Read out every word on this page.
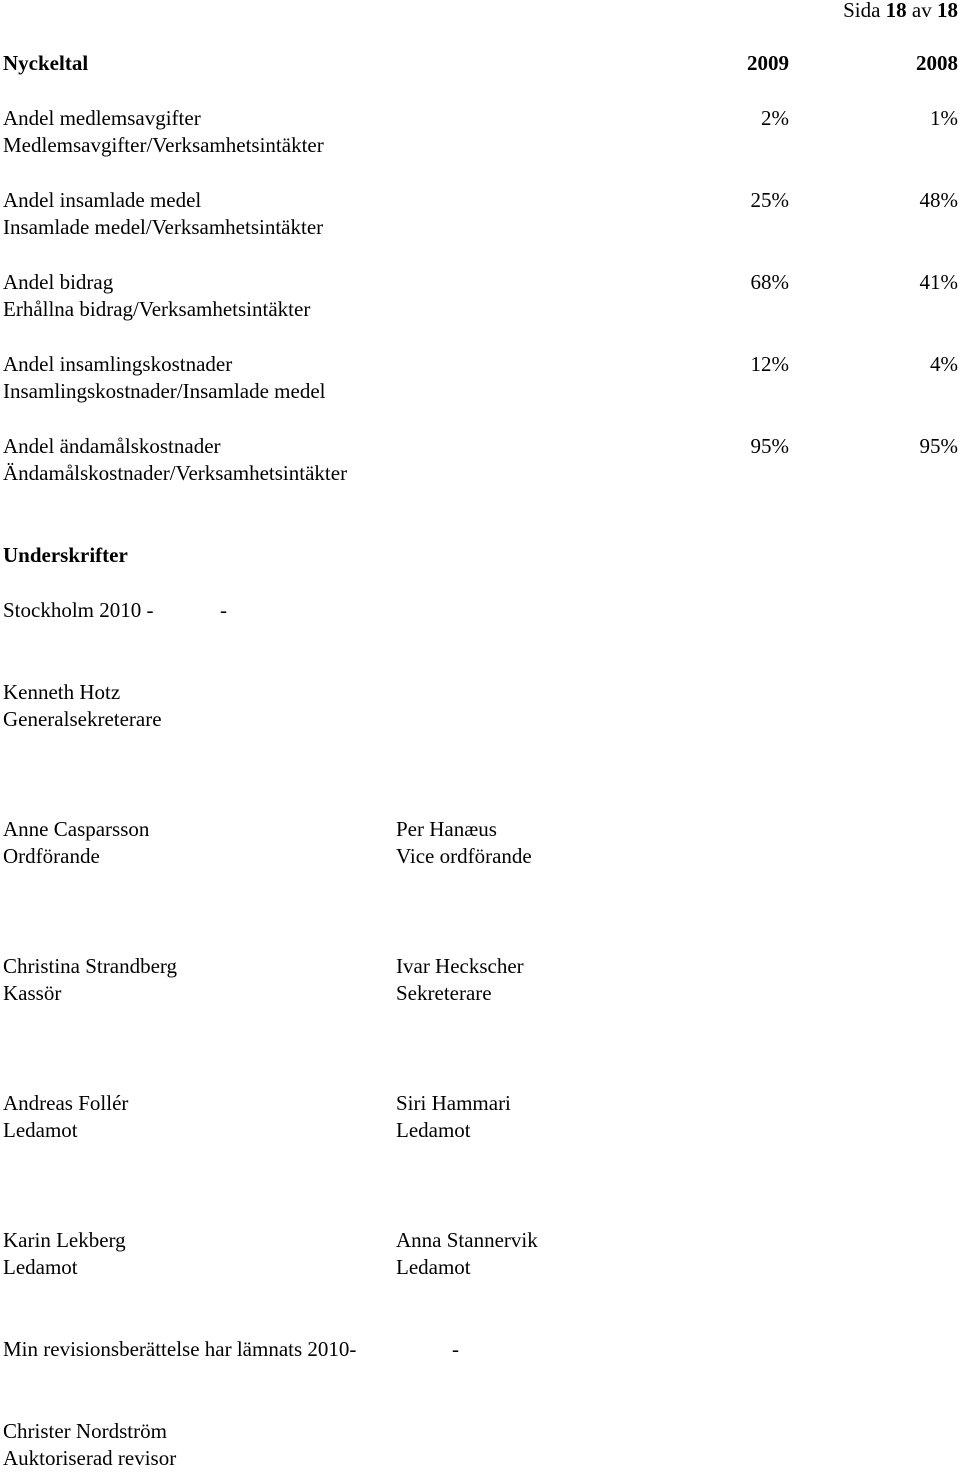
Sida 18 av 18
Nyckeltal	2009	2008
Andel medlemsavgifter
Medlemsavgifter/Verksamhetsintäkter
2%	1%
Andel insamlade medel
Insamlade medel/Verksamhetsintäkter
25%	48%
Andel bidrag
Erhållna bidrag/Verksamhetsintäkter
68%	41%
Andel insamlingskostnader
Insamlingskostnader/Insamlade medel
12%	4%
Andel ändamålskostnader
Ändamålskostnader/Verksamhetsintäkter
95%	95%
Underskrifter
Stockholm 2010 -	-
Kenneth Hotz
Generalsekreterare
Anne Casparsson
Ordförande
Per Hanæus
Vice ordförande
Christina Strandberg
Kassör
Ivar Heckscher
Sekreterare
Andreas Follér
Ledamot
Siri Hammari
Ledamot
Karin Lekberg
Ledamot
Anna Stannervik
Ledamot
Min revisionsberättelse har lämnats 2010-	-
Christer Nordström
Auktoriserad revisor
